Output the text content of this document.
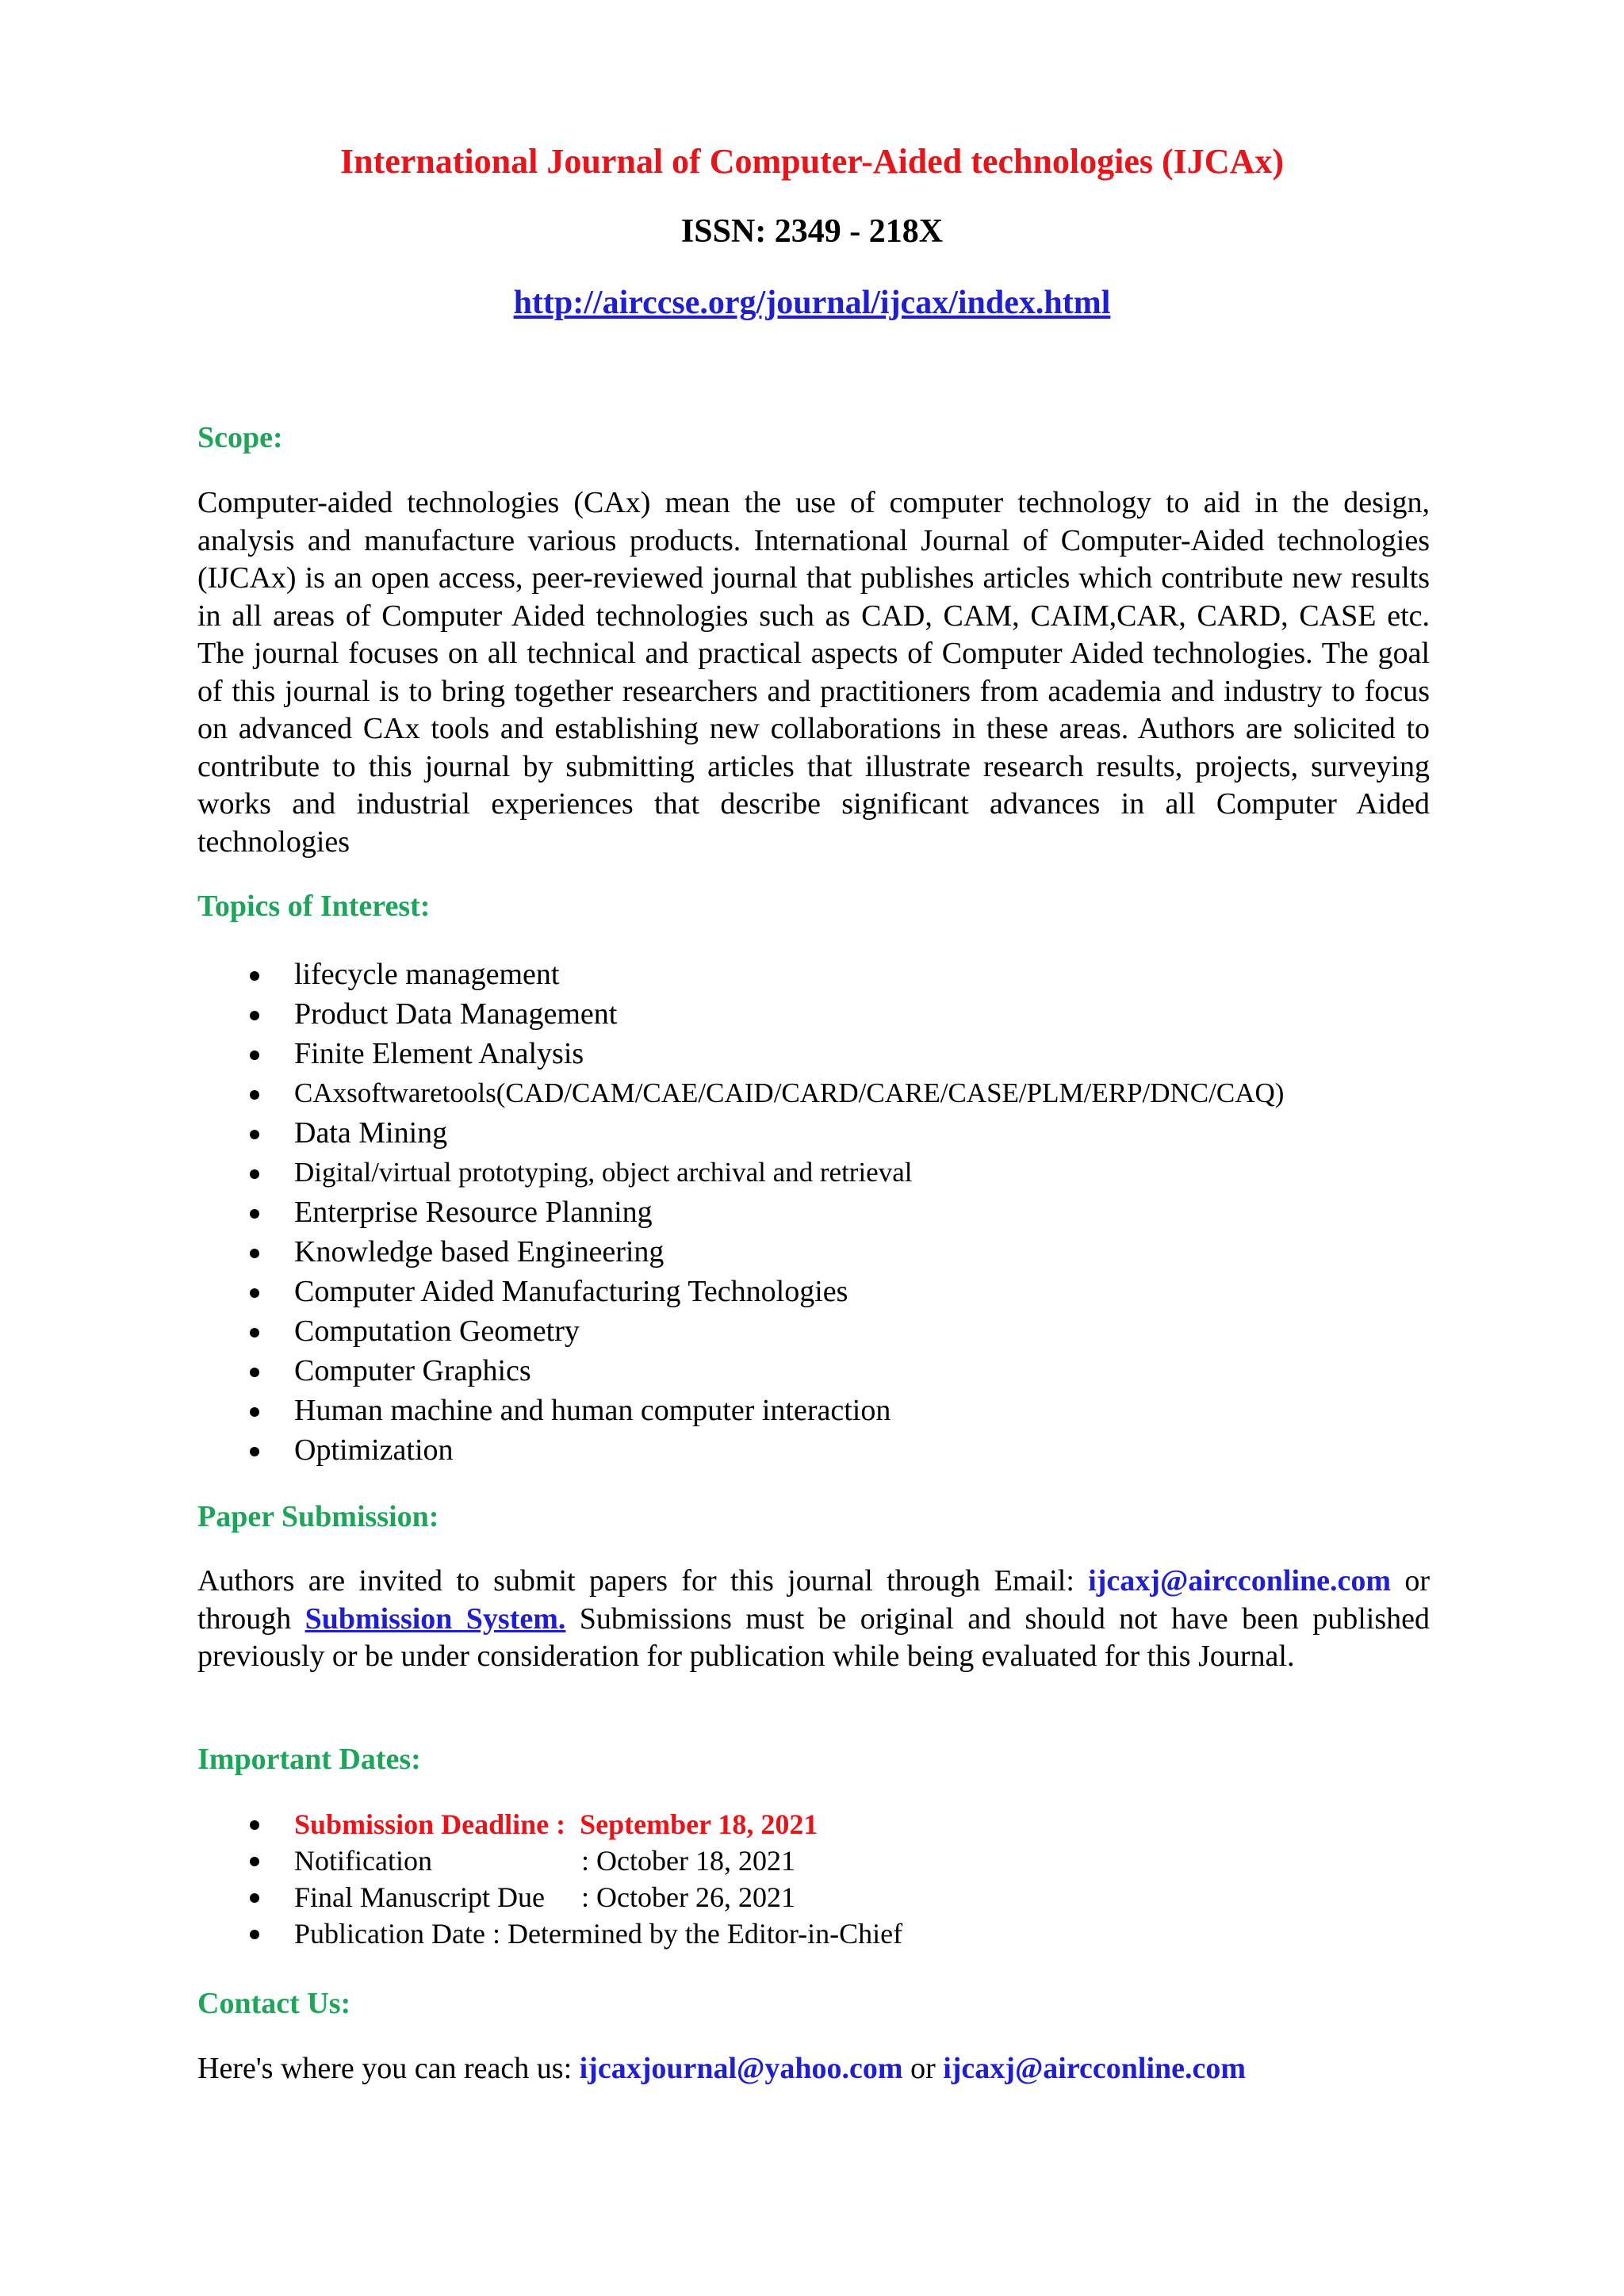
International Journal of Computer-Aided technologies (IJCAx)
ISSN: 2349 - 218X
http://airccse.org/journal/ijcax/index.html
Scope:

Computer-aided technologies (CAx) mean the use of computer technology to aid in the design, analysis and manufacture various products. International Journal of Computer-Aided technologies (IJCAx) is an open access, peer-reviewed journal that publishes articles which contribute new results in all areas of Computer Aided technologies such as CAD, CAM, CAIM,CAR, CARD, CASE etc. The journal focuses on all technical and practical aspects of Computer Aided technologies. The goal of this journal is to bring together researchers and practitioners from academia and industry to focus on advanced CAx tools and establishing new collaborations in these areas. Authors are solicited to contribute to this journal by submitting articles that illustrate research results, projects, surveying works and industrial experiences that describe significant advances in all Computer Aided technologies

Topics of Interest:
lifecycle management
Product Data Management
Finite Element Analysis
CAxsoftwaretools(CAD/CAM/CAE/CAID/CARD/CARE/CASE/PLM/ERP/DNC/CAQ)
Data Mining
Digital/virtual prototyping, object archival and retrieval
Enterprise Resource Planning
Knowledge based Engineering
Computer Aided Manufacturing Technologies
Computation Geometry
Computer Graphics
Human machine and human computer interaction
Optimization
Paper Submission:

Authors are invited to submit papers for this journal through Email: ijcaxj@aircconline.com or through Submission System. Submissions must be original and should not have been published previously or be under consideration for publication while being evaluated for this Journal.

Important Dates:
Submission Deadline : September 18, 2021
Notification	: October 18, 2021
Final Manuscript Due : October 26, 2021
Publication Date : Determined by the Editor-in-Chief
Contact Us:

Here's where you can reach us: ijcaxjournal@yahoo.com or ijcaxj@aircconline.com
